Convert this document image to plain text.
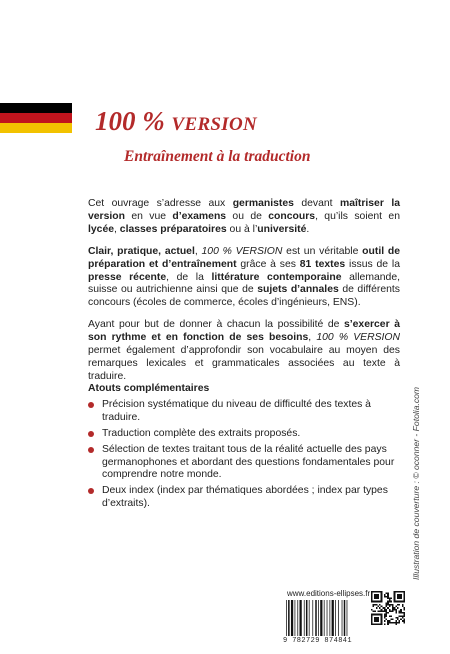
100 % VERSION
Entraînement à la traduction

Cet ouvrage s’adresse aux germanistes devant maîtriser la version en vue d’examens ou de concours, qu’ils soient en lycée, classes préparatoires ou à l’université.

Clair, pratique, actuel, 100 % VERSION est un véritable outil de préparation et d’entraînement grâce à ses 81 textes issus de la presse récente, de la littérature contemporaine allemande, suisse ou autrichienne ainsi que de sujets d’annales de différents concours (écoles de commerce, écoles d’ingénieurs, ENS).

Ayant pour but de donner à chacun la possibilité de s’exercer à son rythme et en fonction de ses besoins, 100 % VERSION permet également d’approfondir son vocabulaire au moyen des remarques lexicales et grammaticales associées au texte à traduire.

Atouts complémentaires
Précision systématique du niveau de difficulté des textes à traduire.
Traduction complète des extraits proposés.
Sélection de textes traitant tous de la réalité actuelle des pays germanophones et abordant des questions fondamentales pour comprendre notre monde.
Deux index (index par thématiques abordées ; index par types d’extraits).	Illustration de couverture : © oconner - Fotolia.com
www.editions-ellipses.fr
9 782729 874841
